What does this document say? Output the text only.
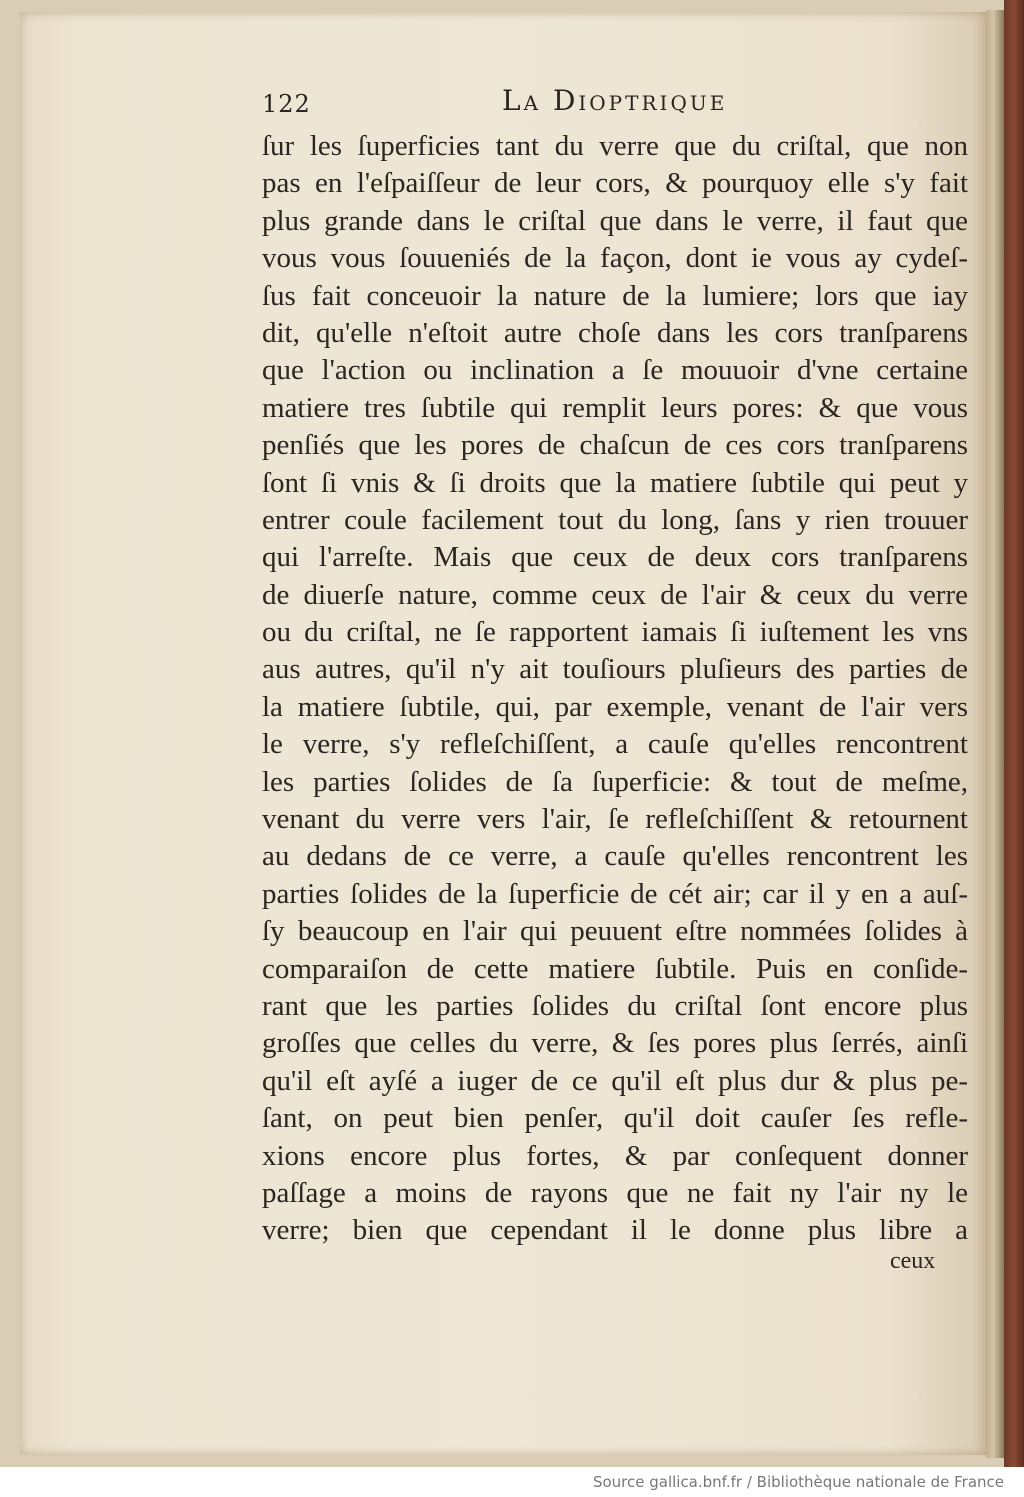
122	La Dioptrique
ſur les ſuperficies tant du verre que du criſtal, que non
pas en l'eſpaiſſeur de leur cors, & pourquoy elle s'y fait
plus grande dans le criſtal que dans le verre, il faut que
vous vous ſouueniés de la façon, dont ie vous ay cydeſ-
ſus fait conceuoir la nature de la lumiere; lors que iay
dit, qu'elle n'eſtoit autre choſe dans les cors tranſparens
que l'action ou inclination a ſe mouuoir d'vne certaine
matiere tres ſubtile qui remplit leurs pores: & que vous
penſiés que les pores de chaſcun de ces cors tranſparens
ſont ſi vnis & ſi droits que la matiere ſubtile qui peut y
entrer coule facilement tout du long, ſans y rien trouuer
qui l'arreſte. Mais que ceux de deux cors tranſparens
de diuerſe nature, comme ceux de l'air & ceux du verre
ou du criſtal, ne ſe rapportent iamais ſi iuſtement les vns
aus autres, qu'il n'y ait touſiours pluſieurs des parties de
la matiere ſubtile, qui, par exemple, venant de l'air vers
le verre, s'y refleſchiſſent, a cauſe qu'elles rencontrent
les parties ſolides de ſa ſuperficie: & tout de meſme,
venant du verre vers l'air, ſe refleſchiſſent & retournent
au dedans de ce verre, a cauſe qu'elles rencontrent les
parties ſolides de la ſuperficie de cét air; car il y en a auſ-
ſy beaucoup en l'air qui peuuent eſtre nommées ſolides à
comparaiſon de cette matiere ſubtile. Puis en conſide-
rant que les parties ſolides du criſtal ſont encore plus
groſſes que celles du verre, & ſes pores plus ſerrés, ainſi
qu'il eſt ayſé a iuger de ce qu'il eſt plus dur & plus pe-
ſant, on peut bien penſer, qu'il doit cauſer ſes refle-
xions encore plus fortes, & par conſequent donner
paſſage a moins de rayons que ne fait ny l'air ny le
verre; bien que cependant il le donne plus libre a
ceux
Source gallica.bnf.fr / Bibliothèque nationale de France
